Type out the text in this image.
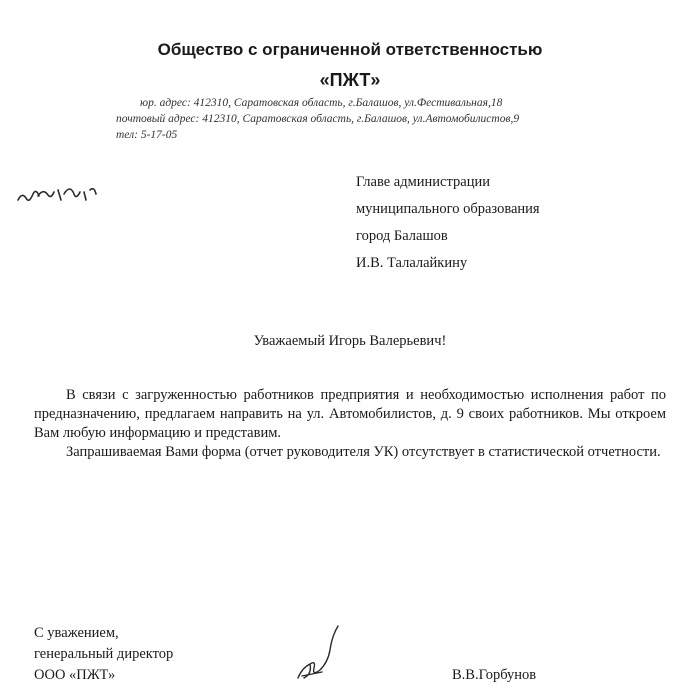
Общество с ограниченной ответственностью
«ПЖТ»
юр. адрес: 412310, Саратовская область, г.Балашов, ул.Фестивальная,18
почтовый адрес: 412310, Саратовская область, г.Балашов, ул.Автомобилистов,9
тел: 5-17-05
Главе администрации
муниципального образования
город Балашов
И.В. Талалайкину
Уважаемый Игорь Валерьевич!
В связи с загруженностью работников предприятия и необходимостью исполнения работ по предназначению, предлагаем направить на ул. Автомобилистов, д. 9 своих работников. Мы откроем Вам любую информацию и представим.
Запрашиваемая Вами форма (отчет руководителя УК) отсутствует в статистической отчетности.
С уважением,
генеральный директор
ООО «ПЖТ»	В.В.Горбунов
